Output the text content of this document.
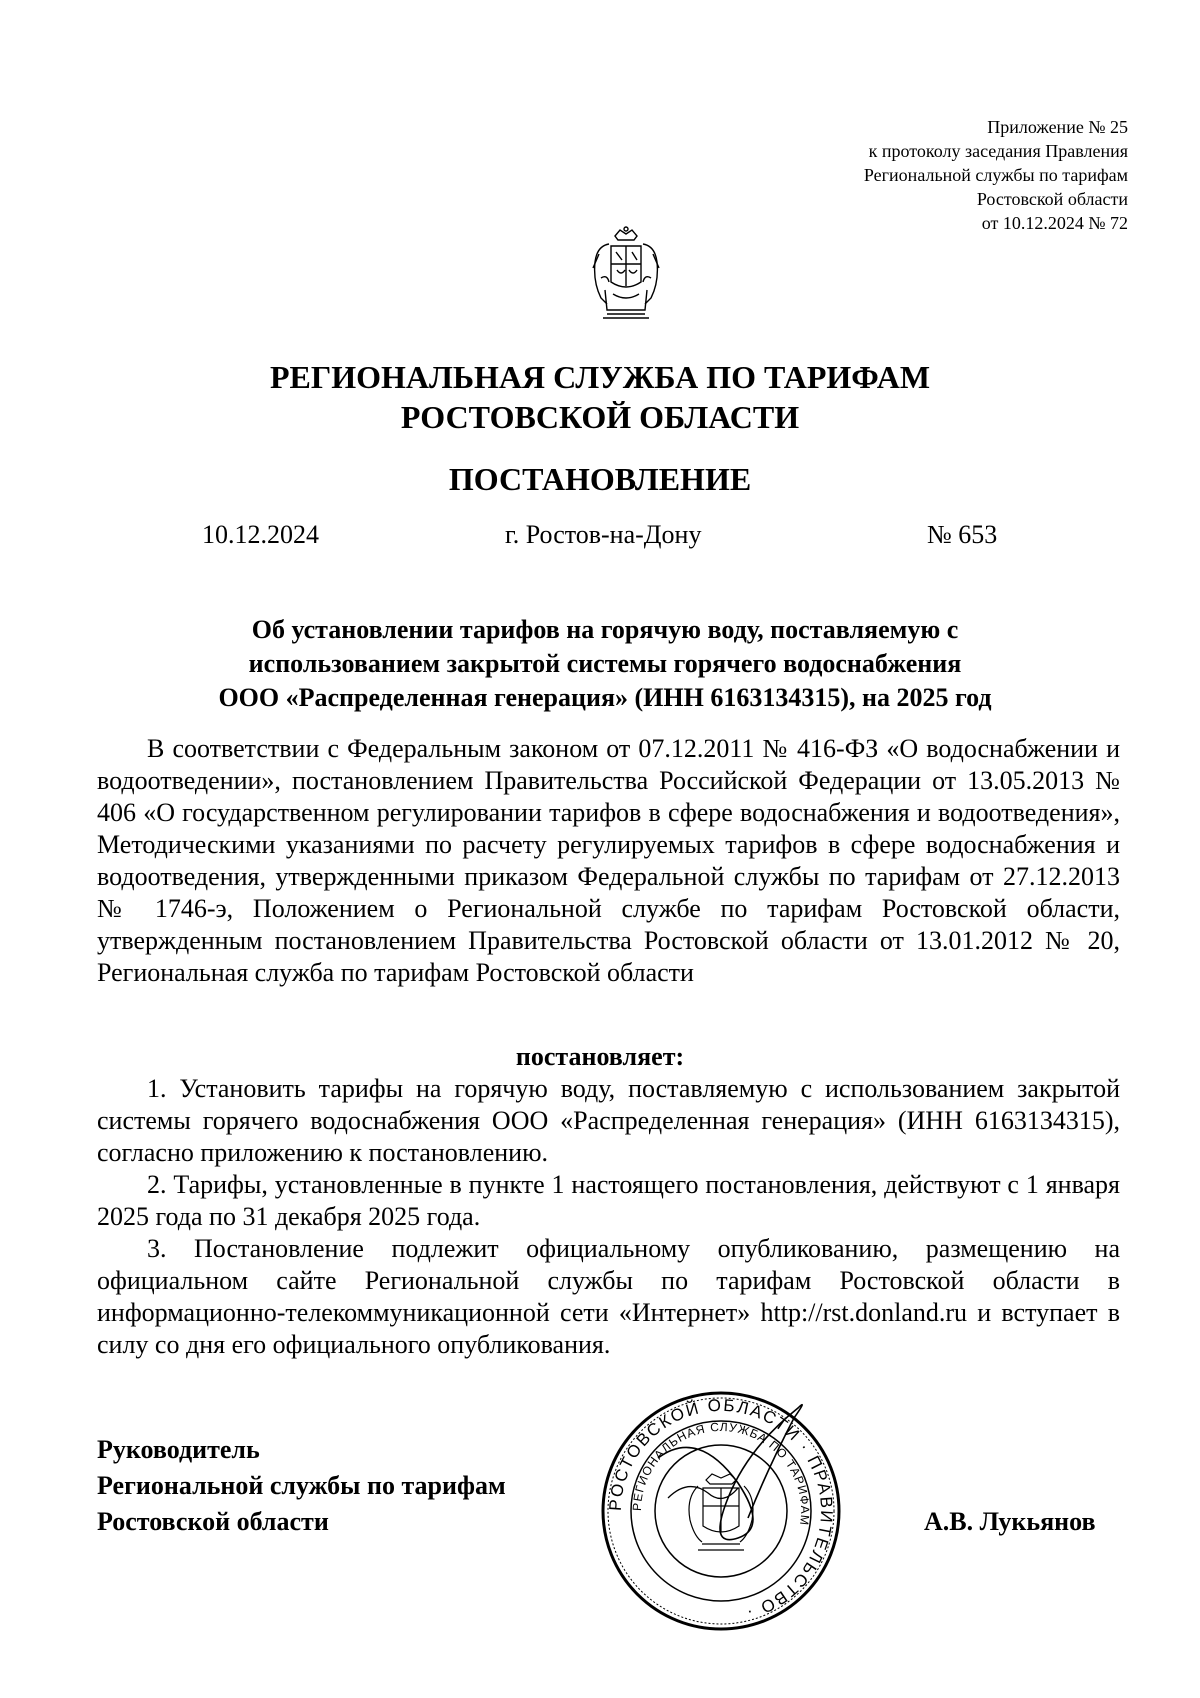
Приложение № 25
к протоколу заседания Правления
Региональной службы по тарифам
Ростовской области
от 10.12.2024 № 72
РЕГИОНАЛЬНАЯ СЛУЖБА ПО ТАРИФАМ
РОСТОВСКОЙ ОБЛАСТИ
ПОСТАНОВЛЕНИЕ
10.12.2024	г. Ростов-на-Дону	№ 653
Об установлении тарифов на горячую воду, поставляемую с
использованием закрытой системы горячего водоснабжения
ООО «Распределенная генерация» (ИНН 6163134315), на 2025 год

В соответствии с Федеральным законом от 07.12.2011 № 416-ФЗ «О водоснабжении и водоотведении», постановлением Правительства Российской Федерации от 13.05.2013 № 406 «О государственном регулировании тарифов в сфере водоснабжения и водоотведения», Методическими указаниями по расчету регулируемых тарифов в сфере водоснабжения и водоотведения, утвержденными приказом Федеральной службы по тарифам от 27.12.2013 № 1746-э, Положением о Региональной службе по тарифам Ростовской области, утвержденным постановлением Правительства Ростовской области от 13.01.2012 № 20, Региональная служба по тарифам Ростовской области

постановляет:

1. Установить тарифы на горячую воду, поставляемую с использованием закрытой системы горячего водоснабжения ООО «Распределенная генерация» (ИНН 6163134315), согласно приложению к постановлению.

2. Тарифы, установленные в пункте 1 настоящего постановления, действуют с 1 января 2025 года по 31 декабря 2025 года.

3. Постановление подлежит официальному опубликованию, размещению на официальном сайте Региональной службы по тарифам Ростовской области в информационно-телекоммуникационной сети «Интернет» http://rst.donland.ru и вступает в силу со дня его официального опубликования.

Руководитель
Региональной службы по тарифам
Ростовской области
РОСТОВСКОЙ ОБЛАСТИ · ПРАВИТЕЛЬСТВО ·
РЕГИОНАЛЬНАЯ СЛУЖБА ПО ТАРИФАМ	А.В. Лукьянов
